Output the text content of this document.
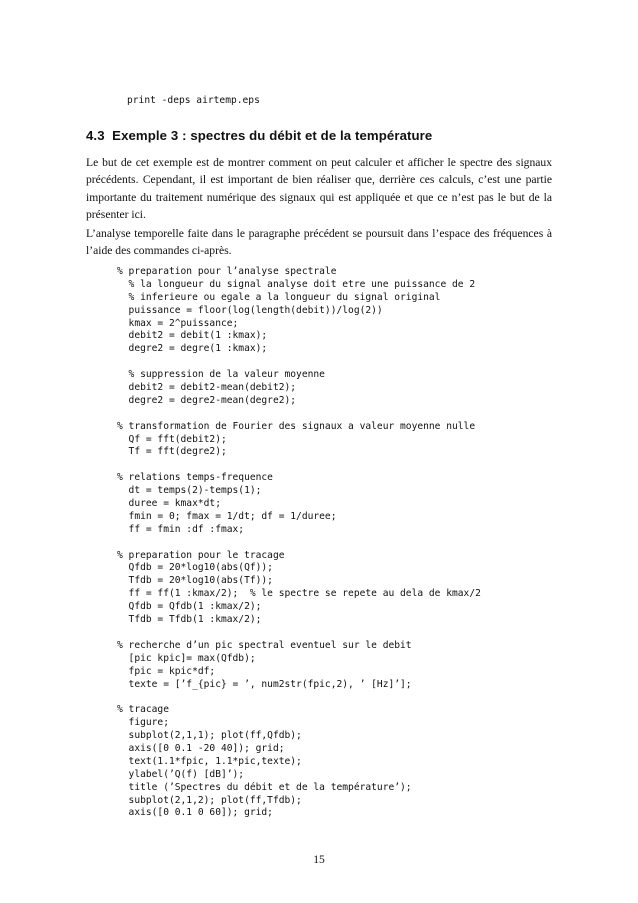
print -deps airtemp.eps
4.3 Exemple 3 : spectres du débit et de la température

Le but de cet exemple est de montrer comment on peut calculer et afficher le spectre des signaux précédents. Cependant, il est important de bien réaliser que, derrière ces calculs, c’est une partie importante du traitement numérique des signaux qui est appliquée et que ce n’est pas le but de la présenter ici.

L’analyse temporelle faite dans le paragraphe précédent se poursuit dans l’espace des fréquences à l’aide des commandes ci-après.

% preparation pour l’analyse spectrale
% la longueur du signal analyse doit etre une puissance de 2
% inferieure ou egale a la longueur du signal original
puissance = floor(log(length(debit))/log(2))
kmax = 2^puissance;
debit2 = debit(1 :kmax);
degre2 = degre(1 :kmax);
% suppression de la valeur moyenne
debit2 = debit2-mean(debit2);
degre2 = degre2-mean(degre2);
% transformation de Fourier des signaux a valeur moyenne nulle
Qf = fft(debit2);
Tf = fft(degre2);
% relations temps-frequence
dt = temps(2)-temps(1);
duree = kmax*dt;
fmin = 0; fmax = 1/dt; df = 1/duree;
ff = fmin :df :fmax;
% preparation pour le tracage
Qfdb = 20*log10(abs(Qf));
Tfdb = 20*log10(abs(Tf));
ff = ff(1 :kmax/2);  % le spectre se repete au dela de kmax/2
Qfdb = Qfdb(1 :kmax/2);
Tfdb = Tfdb(1 :kmax/2);
% recherche d’un pic spectral eventuel sur le debit
[pic kpic]= max(Qfdb);
fpic = kpic*df;
texte = [’f_{pic} = ’, num2str(fpic,2), ’ [Hz]’];
% tracage
figure;
subplot(2,1,1); plot(ff,Qfdb);
axis([0 0.1 -20 40]); grid;
text(1.1*fpic, 1.1*pic,texte);
ylabel(’Q(f) [dB]’);
title (’Spectres du débit et de la température’);
subplot(2,1,2); plot(ff,Tfdb);
axis([0 0.1 0 60]); grid;
15
